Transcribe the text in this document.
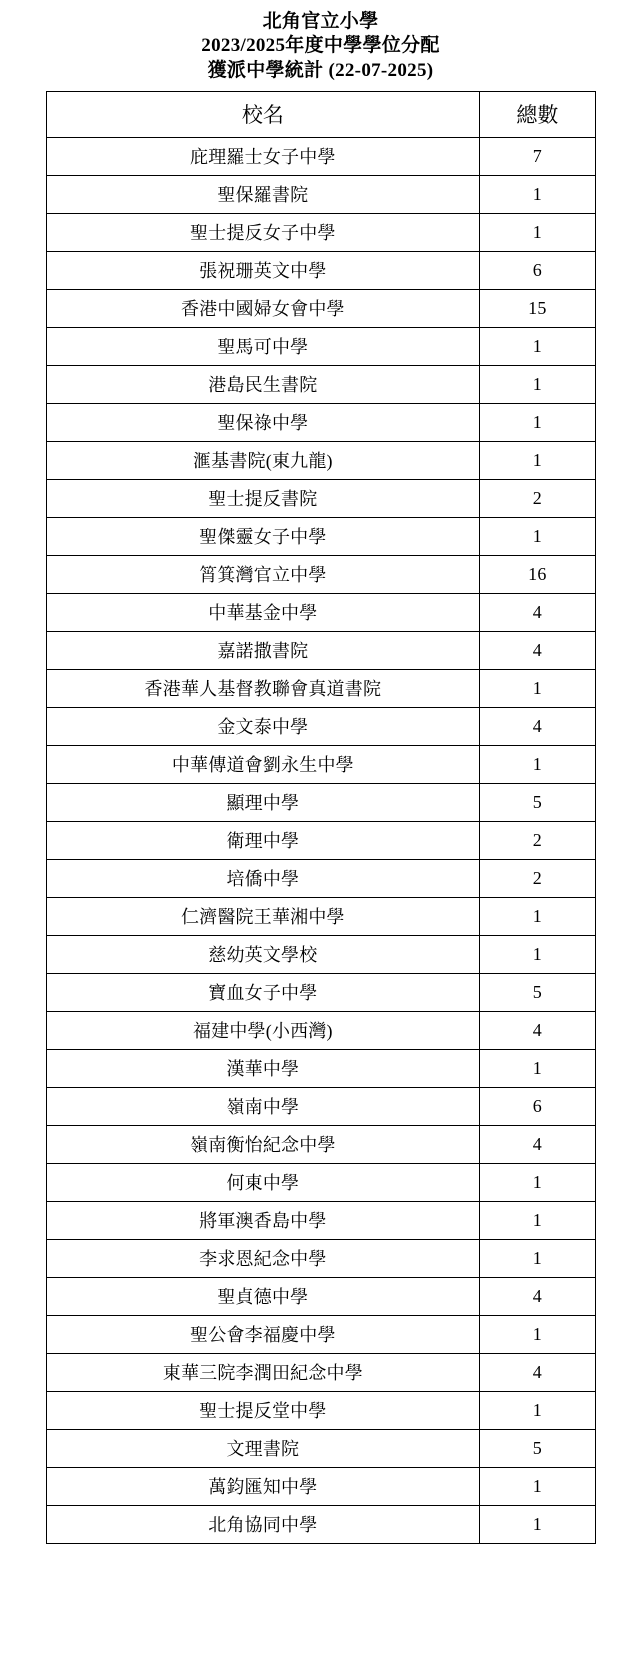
北角官立小學
2023/2025年度中學學位分配
獲派中學統計 (22-07-2025)
校名	總數
庇理羅士女子中學	7
聖保羅書院	1
聖士提反女子中學	1
張祝珊英文中學	6
香港中國婦女會中學	15
聖馬可中學	1
港島民生書院	1
聖保祿中學	1
滙基書院(東九龍)	1
聖士提反書院	2
聖傑靈女子中學	1
筲箕灣官立中學	16
中華基金中學	4
嘉諾撒書院	4
香港華人基督教聯會真道書院	1
金文泰中學	4
中華傳道會劉永生中學	1
顯理中學	5
衛理中學	2
培僑中學	2
仁濟醫院王華湘中學	1
慈幼英文學校	1
寶血女子中學	5
福建中學(小西灣)	4
漢華中學	1
嶺南中學	6
嶺南衡怡紀念中學	4
何東中學	1
將軍澳香島中學	1
李求恩紀念中學	1
聖貞德中學	4
聖公會李福慶中學	1
東華三院李潤田紀念中學	4
聖士提反堂中學	1
文理書院	5
萬鈞匯知中學	1
北角協同中學	1
